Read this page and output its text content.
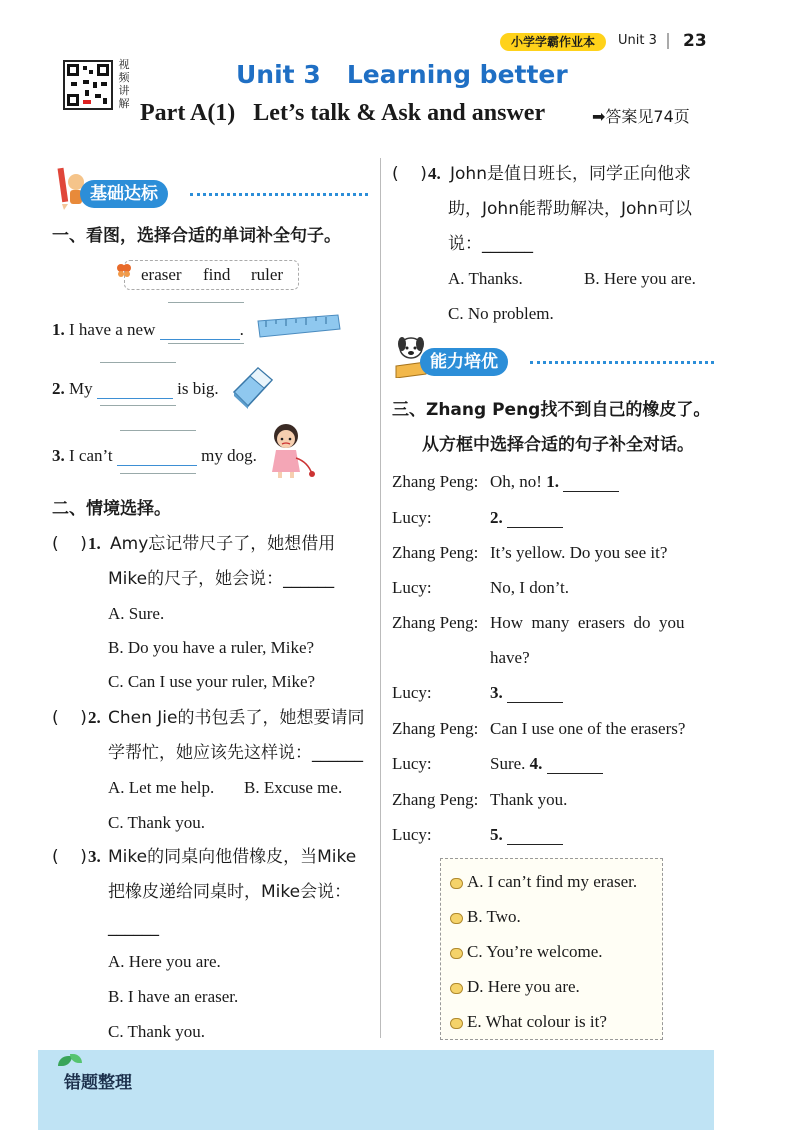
小学学霸作业本	Unit 3 23
视频讲解
Unit 3   Learning better
Part A(1)   Let’s talk & Ask and answer	➡答案见74页
基础达标
一、看图，选择合适的单词补全句子。
eraser find ruler
1. I have a new	.
2. My	is big.
3. I can’t	my dog.
二、情境选择。
(    ) 1. Amy忘记带尺子了，她想借用
Mike的尺子，她会说：______
A. Sure.
B. Do you have a ruler, Mike?
C. Can I use your ruler, Mike?
(    ) 2. Chen Jie的书包丢了，她想要请同
学帮忙，她应该先这样说：______
A. Let me help. B. Excuse me.
C. Thank you.
(    ) 3. Mike的同桌向他借橡皮，当Mike
把橡皮递给同桌时，Mike会说：
______
A. Here you are.
B. I have an eraser.
C. Thank you.
(    ) 4. John是值日班长，同学正向他求
助，John能帮助解决，John可以
说：______
A. Thanks.	B. Here you are.
C. No problem.
能力培优
三、Zhang Peng找不到自己的橡皮了。
从方框中选择合适的句子补全对话。
Zhang Peng: Oh, no! 1.
Lucy:	2.
Zhang Peng: It’s yellow. Do you see it?
Lucy:	No, I don’t.
Zhang Peng: How  many  erasers  do  you
have?
Lucy:	3.
Zhang Peng: Can I use one of the erasers?
Lucy:	Sure. 4.
Zhang Peng: Thank you.
Lucy:	5.
A. I can’t find my eraser.
B. Two.
C. You’re welcome.
D. Here you are.
E. What colour is it?
错题整理
